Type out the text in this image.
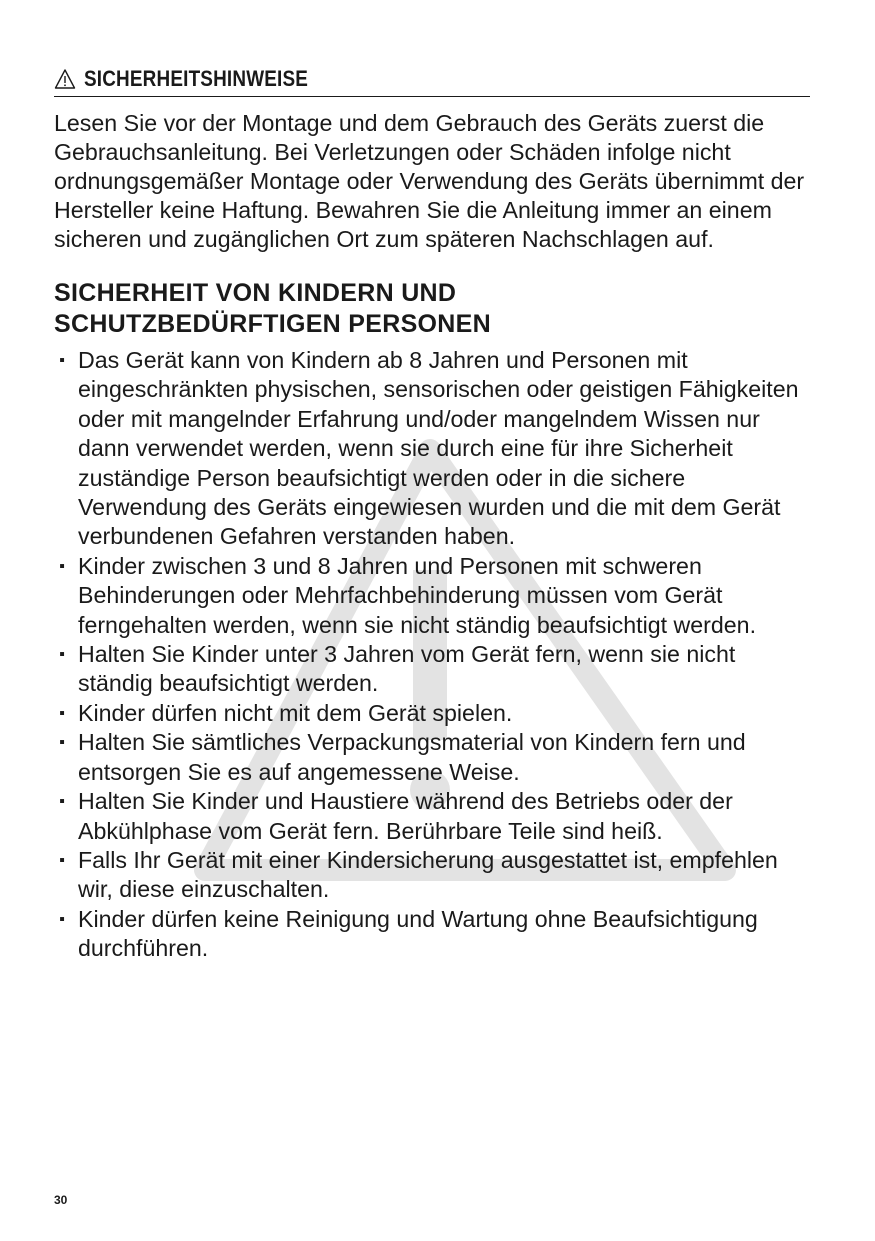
SICHERHEITSHINWEISE

Lesen Sie vor der Montage und dem Gebrauch des Geräts zuerst die Gebrauchsanleitung. Bei Verletzungen oder Schäden infolge nicht ordnungsgemäßer Montage oder Verwendung des Geräts übernimmt der Hersteller keine Haftung. Bewahren Sie die Anleitung immer an einem sicheren und zugänglichen Ort zum späteren Nachschlagen auf.

SICHERHEIT VON KINDERN UND
SCHUTZBEDÜRFTIGEN PERSONEN
▪ Das Gerät kann von Kindern ab 8 Jahren und Personen mit eingeschränkten physischen, sensorischen oder geistigen Fähigkeiten oder mit mangelnder Erfahrung und/oder mangelndem Wissen nur dann verwendet werden, wenn sie durch eine für ihre Sicherheit zuständige Person beaufsichtigt werden oder in die sichere Verwendung des Geräts eingewiesen wurden und die mit dem Gerät verbundenen Gefahren verstanden haben.
▪ Kinder zwischen 3 und 8 Jahren und Personen mit schweren Behinderungen oder Mehrfachbehinderung müssen vom Gerät ferngehalten werden, wenn sie nicht ständig beaufsichtigt werden.
▪ Halten Sie Kinder unter 3 Jahren vom Gerät fern, wenn sie nicht ständig beaufsichtigt werden.
▪ Kinder dürfen nicht mit dem Gerät spielen.
▪ Halten Sie sämtliches Verpackungsmaterial von Kindern fern und entsorgen Sie es auf angemessene Weise.
▪ Halten Sie Kinder und Haustiere während des Betriebs oder der Abkühlphase vom Gerät fern. Berührbare Teile sind heiß.
▪ Falls Ihr Gerät mit einer Kindersicherung ausgestattet ist, empfehlen wir, diese einzuschalten.
▪ Kinder dürfen keine Reinigung und Wartung ohne Beaufsichtigung durchführen.
30
